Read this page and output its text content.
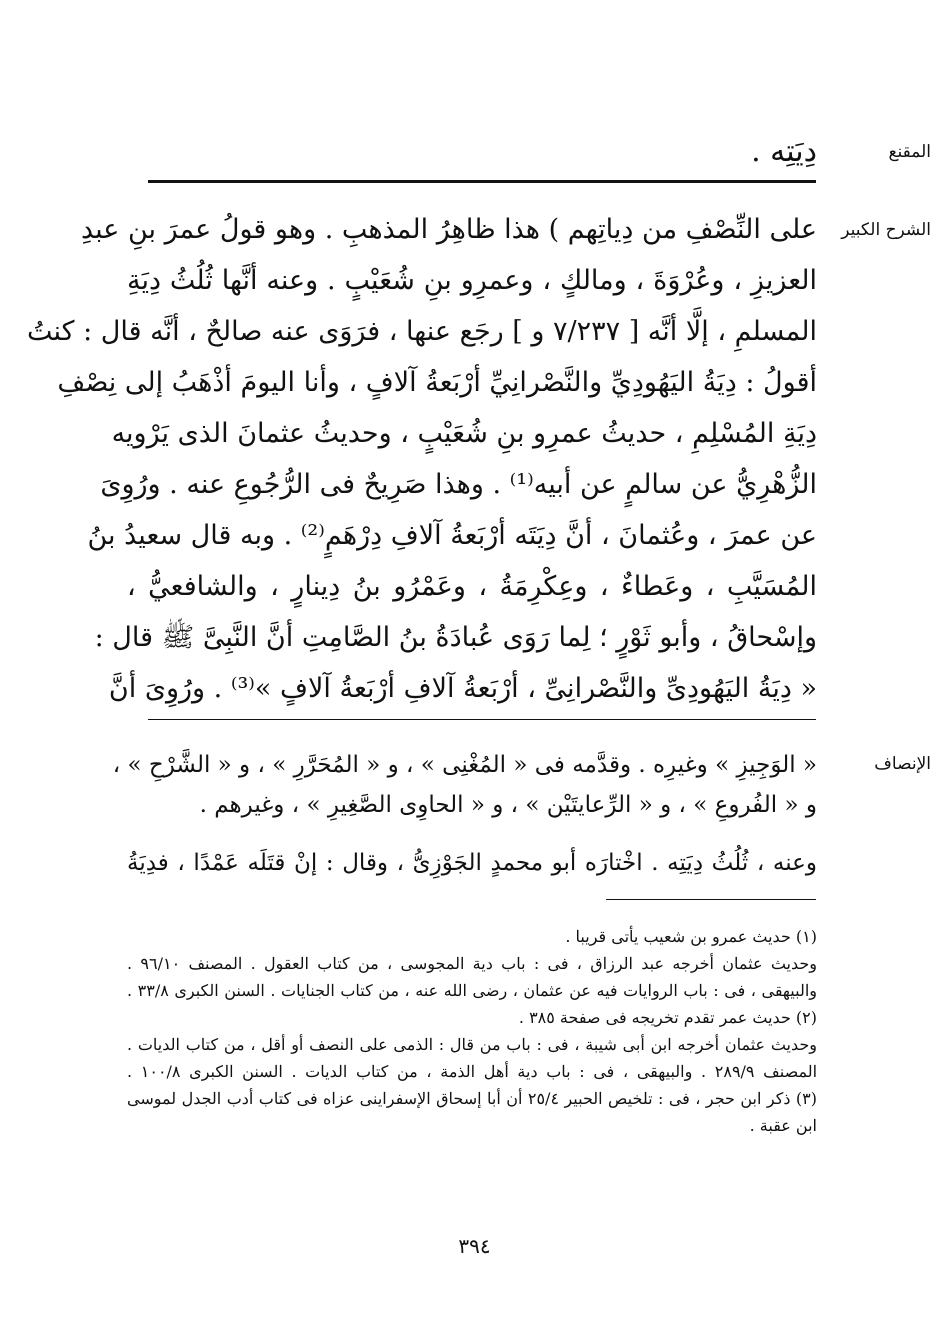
المقنع
دِيَتِه .
الشرح الكبير
على النِّصْفِ من دِياتِهم ) هذا ظاهِرُ المذهبِ . وهو قولُ عمرَ بنِ عبدِ
العزيزِ ، وعُرْوَةَ ، ومالكٍ ، وعمرِو بنِ شُعَيْبٍ . وعنه أنَّها ثُلُثُ دِيَةِ
المسلمِ ، إلَّا أنَّه [ ٧/٢٣٧ و ] رجَع عنها ، فرَوَى عنه صالحٌ ، أنَّه قال : كنتُ
أقولُ : دِيَةُ اليَهُودِيِّ والنَّصْرانِيِّ أرْبَعةُ آلافٍ ، وأنا اليومَ أذْهَبُ إلى نِصْفِ
دِيَةِ المُسْلِمِ ، حديثُ عمرِو بنِ شُعَيْبٍ ، وحديثُ عثمانَ الذى يَرْويه
الزُّهْرِيُّ عن سالمٍ عن أبيه⁽¹⁾ . وهذا صَرِيحٌ فى الرُّجُوعِ عنه . ورُوِىَ
عن عمرَ ، وعُثمانَ ، أنَّ دِيَتَه أرْبَعةُ آلافِ دِرْهَمٍ⁽²⁾ . وبه قال سعيدُ بنُ
المُسَيَّبِ ، وعَطاءٌ ، وعِكْرِمَةُ ، وعَمْرُو بنُ دِينارٍ ، والشافعيُّ ،
وإسْحاقُ ، وأبو ثَوْرٍ ؛ لِما رَوَى عُبادَةُ بنُ الصَّامِتِ أنَّ النَّبِىَّ ﷺ قال :
« دِيَةُ اليَهُودِىِّ والنَّصْرانِىِّ ، أرْبَعةُ آلافِ أرْبَعةُ آلافٍ »⁽³⁾ . ورُوِىَ أنَّ
الإنصاف
« الوَجِيزِ » وغيرِه . وقدَّمه فى « المُغْنِى » ، و « المُحَرَّرِ » ، و « الشَّرْحِ » ،
و « الفُروعِ » ، و « الرِّعايتَيْن » ، و « الحاوِى الصَّغِيرِ » ، وغيرهم .
وعنه ، ثُلُثُ دِيَتِه . اخْتارَه أبو محمدٍ الجَوْزِىُّ ، وقال : إنْ قتَلَه عَمْدًا ، فدِيَةُ
(١) حديث عمرو بن شعيب يأتى قريبا .
وحديث عثمان أخرجه عبد الرزاق ، فى : باب دية المجوسى ، من كتاب العقول . المصنف ٩٦/١٠ .
والبيهقى ، فى : باب الروايات فيه عن عثمان ، رضى الله عنه ، من كتاب الجنايات . السنن الكبرى ٣٣/٨ .
(٢) حديث عمر تقدم تخريجه فى صفحة ٣٨٥ .
وحديث عثمان أخرجه ابن أبى شيبة ، فى : باب من قال : الذمى على النصف أو أقل ، من كتاب الديات .
المصنف ٢٨٩/٩ . والبيهقى ، فى : باب دية أهل الذمة ، من كتاب الديات . السنن الكبرى ١٠٠/٨ .
(٣) ذكر ابن حجر ، فى : تلخيص الحبير ٢٥/٤ أن أبا إسحاق الإسفراينى عزاه فى كتاب أدب الجدل لموسى
ابن عقبة .
٣٩٤
